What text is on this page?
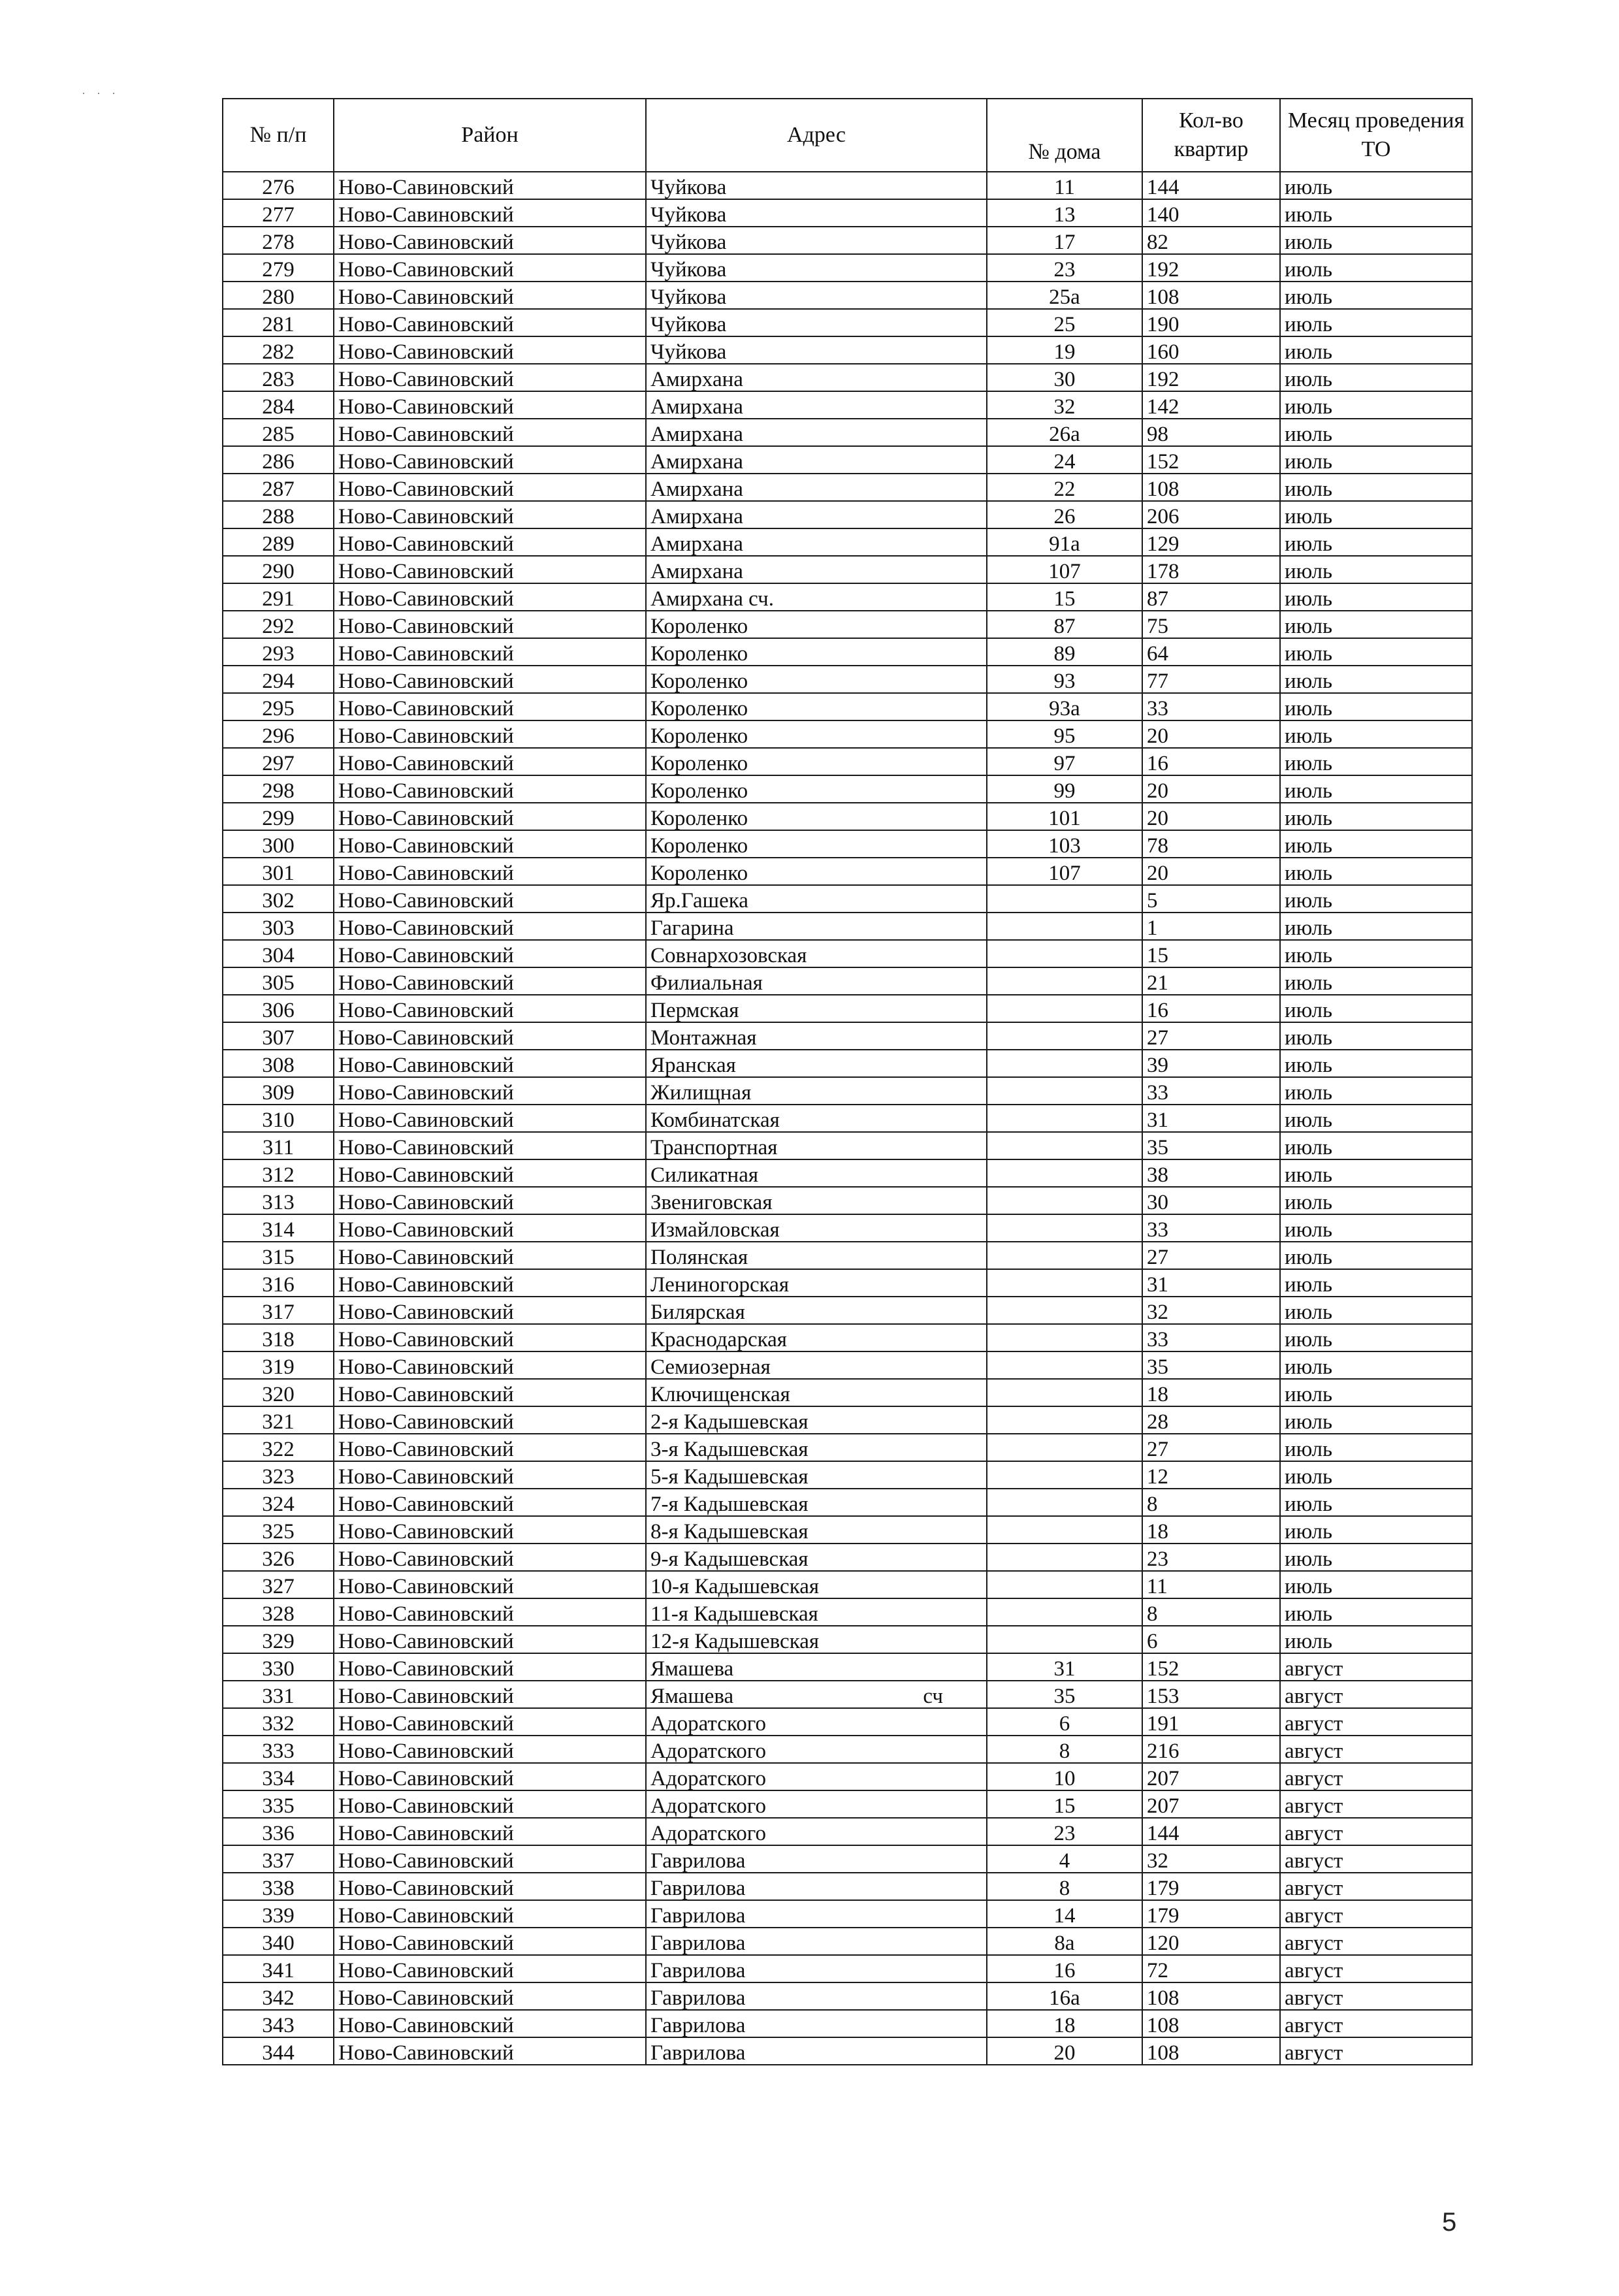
· · ·
№ п/п	Район	Адрес	№ дома	Кол-во квартир	Месяц проведения ТО
276	Ново-Савиновский	Чуйкова	11	144	июль
277	Ново-Савиновский	Чуйкова	13	140	июль
278	Ново-Савиновский	Чуйкова	17	82	июль
279	Ново-Савиновский	Чуйкова	23	192	июль
280	Ново-Савиновский	Чуйкова	25а	108	июль
281	Ново-Савиновский	Чуйкова	25	190	июль
282	Ново-Савиновский	Чуйкова	19	160	июль
283	Ново-Савиновский	Амирхана	30	192	июль
284	Ново-Савиновский	Амирхана	32	142	июль
285	Ново-Савиновский	Амирхана	26а	98	июль
286	Ново-Савиновский	Амирхана	24	152	июль
287	Ново-Савиновский	Амирхана	22	108	июль
288	Ново-Савиновский	Амирхана	26	206	июль
289	Ново-Савиновский	Амирхана	91а	129	июль
290	Ново-Савиновский	Амирхана	107	178	июль
291	Ново-Савиновский	Амирхана сч.	15	87	июль
292	Ново-Савиновский	Короленко	87	75	июль
293	Ново-Савиновский	Короленко	89	64	июль
294	Ново-Савиновский	Короленко	93	77	июль
295	Ново-Савиновский	Короленко	93а	33	июль
296	Ново-Савиновский	Короленко	95	20	июль
297	Ново-Савиновский	Короленко	97	16	июль
298	Ново-Савиновский	Короленко	99	20	июль
299	Ново-Савиновский	Короленко	101	20	июль
300	Ново-Савиновский	Короленко	103	78	июль
301	Ново-Савиновский	Короленко	107	20	июль
302	Ново-Савиновский	Яр.Гашека		5	июль
303	Ново-Савиновский	Гагарина		1	июль
304	Ново-Савиновский	Совнархозовская		15	июль
305	Ново-Савиновский	Филиальная		21	июль
306	Ново-Савиновский	Пермская		16	июль
307	Ново-Савиновский	Монтажная		27	июль
308	Ново-Савиновский	Яранская		39	июль
309	Ново-Савиновский	Жилищная		33	июль
310	Ново-Савиновский	Комбинатская		31	июль
311	Ново-Савиновский	Транспортная		35	июль
312	Ново-Савиновский	Силикатная		38	июль
313	Ново-Савиновский	Звениговская		30	июль
314	Ново-Савиновский	Измайловская		33	июль
315	Ново-Савиновский	Полянская		27	июль
316	Ново-Савиновский	Лениногорская		31	июль
317	Ново-Савиновский	Билярская		32	июль
318	Ново-Савиновский	Краснодарская		33	июль
319	Ново-Савиновский	Семиозерная		35	июль
320	Ново-Савиновский	Ключищенская		18	июль
321	Ново-Савиновский	2-я Кадышевская		28	июль
322	Ново-Савиновский	3-я Кадышевская		27	июль
323	Ново-Савиновский	5-я Кадышевская		12	июль
324	Ново-Савиновский	7-я Кадышевская		8	июль
325	Ново-Савиновский	8-я Кадышевская		18	июль
326	Ново-Савиновский	9-я Кадышевская		23	июль
327	Ново-Савиновский	10-я Кадышевская		11	июль
328	Ново-Савиновский	11-я Кадышевская		8	июль
329	Ново-Савиновский	12-я Кадышевская		6	июль
330	Ново-Савиновский	Ямашева	31	152	август
331	Ново-Савиновский	Ямашева сч	35	153	август
332	Ново-Савиновский	Адоратского	6	191	август
333	Ново-Савиновский	Адоратского	8	216	август
334	Ново-Савиновский	Адоратского	10	207	август
335	Ново-Савиновский	Адоратского	15	207	август
336	Ново-Савиновский	Адоратского	23	144	август
337	Ново-Савиновский	Гаврилова	4	32	август
338	Ново-Савиновский	Гаврилова	8	179	август
339	Ново-Савиновский	Гаврилова	14	179	август
340	Ново-Савиновский	Гаврилова	8а	120	август
341	Ново-Савиновский	Гаврилова	16	72	август
342	Ново-Савиновский	Гаврилова	16а	108	август
343	Ново-Савиновский	Гаврилова	18	108	август
344	Ново-Савиновский	Гаврилова	20	108	август
5
